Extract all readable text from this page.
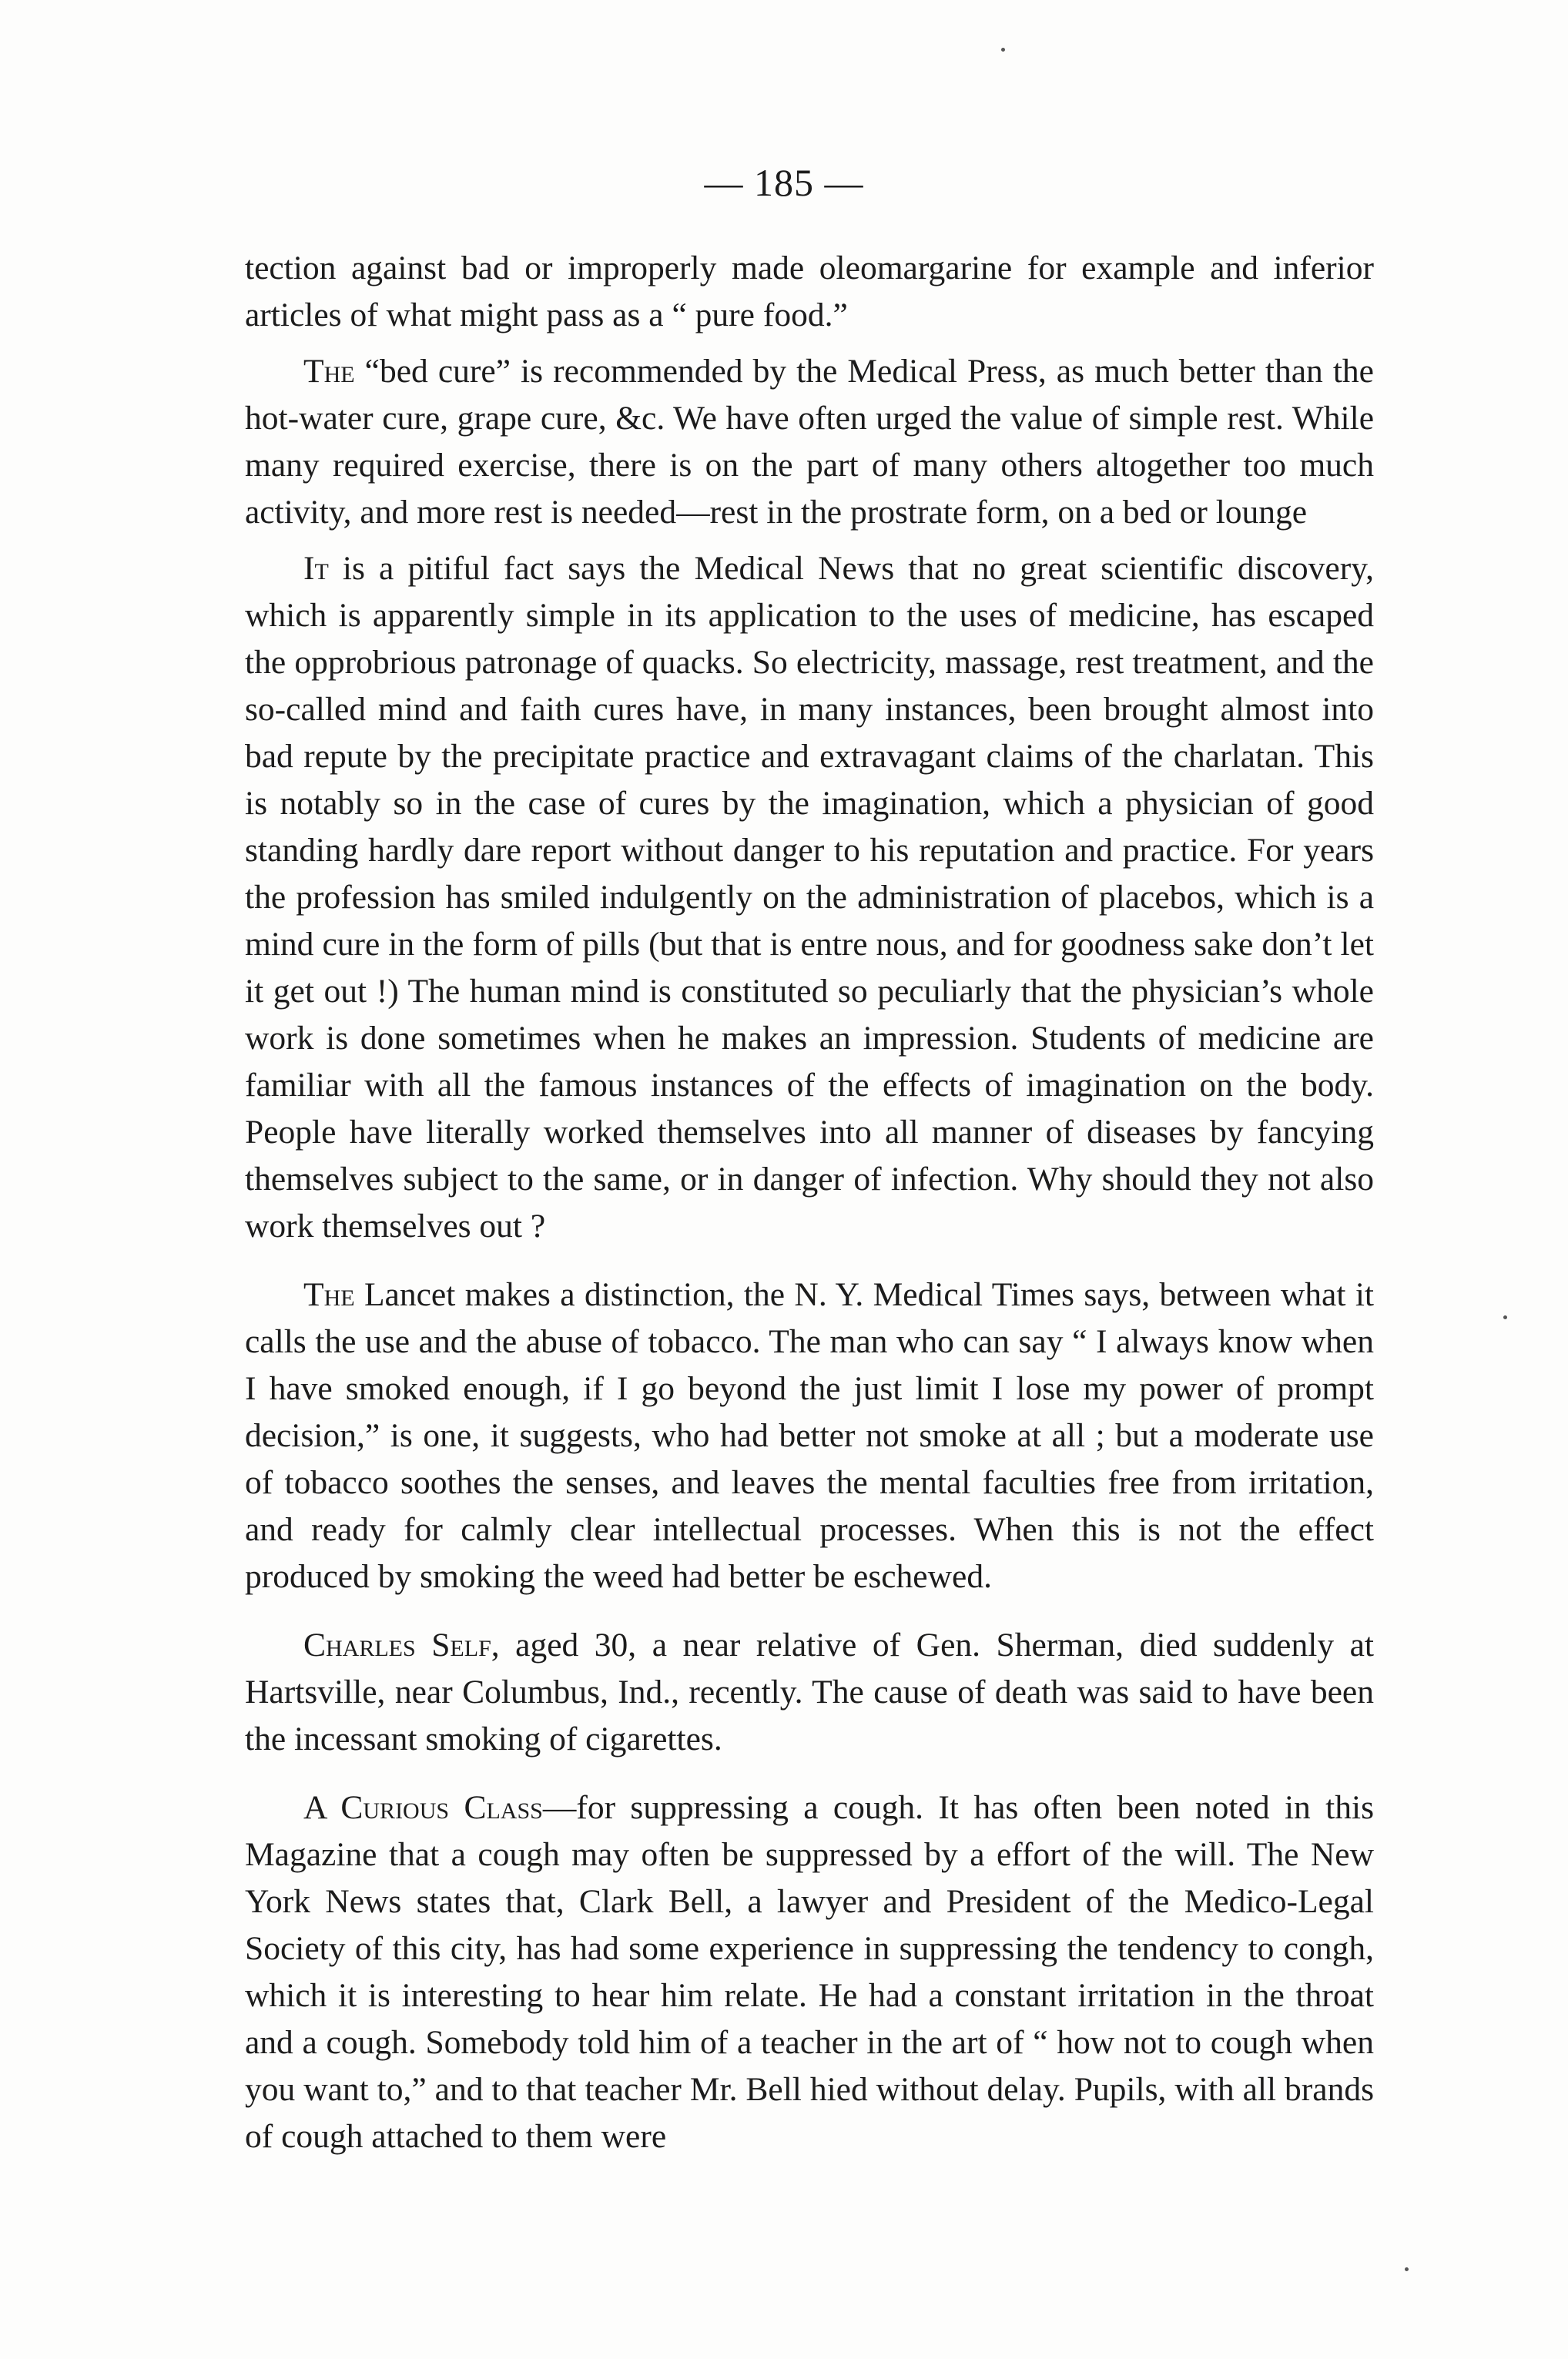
— 185 —

tection against bad or improperly made oleomargarine for example and inferior articles of what might pass as a “ pure food.”

The “bed cure” is recommended by the Medical Press, as much better than the hot-water cure, grape cure, &c. We have often urged the value of simple rest. While many required exercise, there is on the part of many others altogether too much activity, and more rest is needed—rest in the prostrate form, on a bed or lounge

It is a pitiful fact says the Medical News that no great scientific discovery, which is apparently simple in its application to the uses of medicine, has escaped the opprobrious patronage of quacks. So electricity, massage, rest treatment, and the so-called mind and faith cures have, in many instances, been brought almost into bad repute by the precipitate practice and extravagant claims of the charlatan. This is notably so in the case of cures by the imagination, which a physician of good standing hardly dare report without danger to his reputation and practice. For years the profession has smiled indulgently on the administration of placebos, which is a mind cure in the form of pills (but that is entre nous, and for goodness sake don’t let it get out !) The human mind is constituted so peculiarly that the physician’s whole work is done sometimes when he makes an impression. Students of medicine are familiar with all the famous instances of the effects of imagination on the body. People have literally worked themselves into all manner of diseases by fancying themselves subject to the same, or in danger of infection. Why should they not also work themselves out ?

The Lancet makes a distinction, the N. Y. Medical Times says, between what it calls the use and the abuse of tobacco. The man who can say “ I always know when I have smoked enough, if I go beyond the just limit I lose my power of prompt decision,” is one, it suggests, who had better not smoke at all ; but a moderate use of tobacco soothes the senses, and leaves the mental faculties free from irritation, and ready for calmly clear intellectual processes. When this is not the effect produced by smoking the weed had better be eschewed.

Charles Self, aged 30, a near relative of Gen. Sherman, died suddenly at Hartsville, near Columbus, Ind., recently. The cause of death was said to have been the incessant smoking of cigarettes.

A Curious Class—for suppressing a cough. It has often been noted in this Magazine that a cough may often be suppressed by a effort of the will. The New York News states that, Clark Bell, a lawyer and President of the Medico-Legal Society of this city, has had some experience in suppressing the tendency to congh, which it is interesting to hear him relate. He had a constant irritation in the throat and a cough. Somebody told him of a teacher in the art of “ how not to cough when you want to,” and to that teacher Mr. Bell hied without delay. Pupils, with all brands of cough attached to them were
